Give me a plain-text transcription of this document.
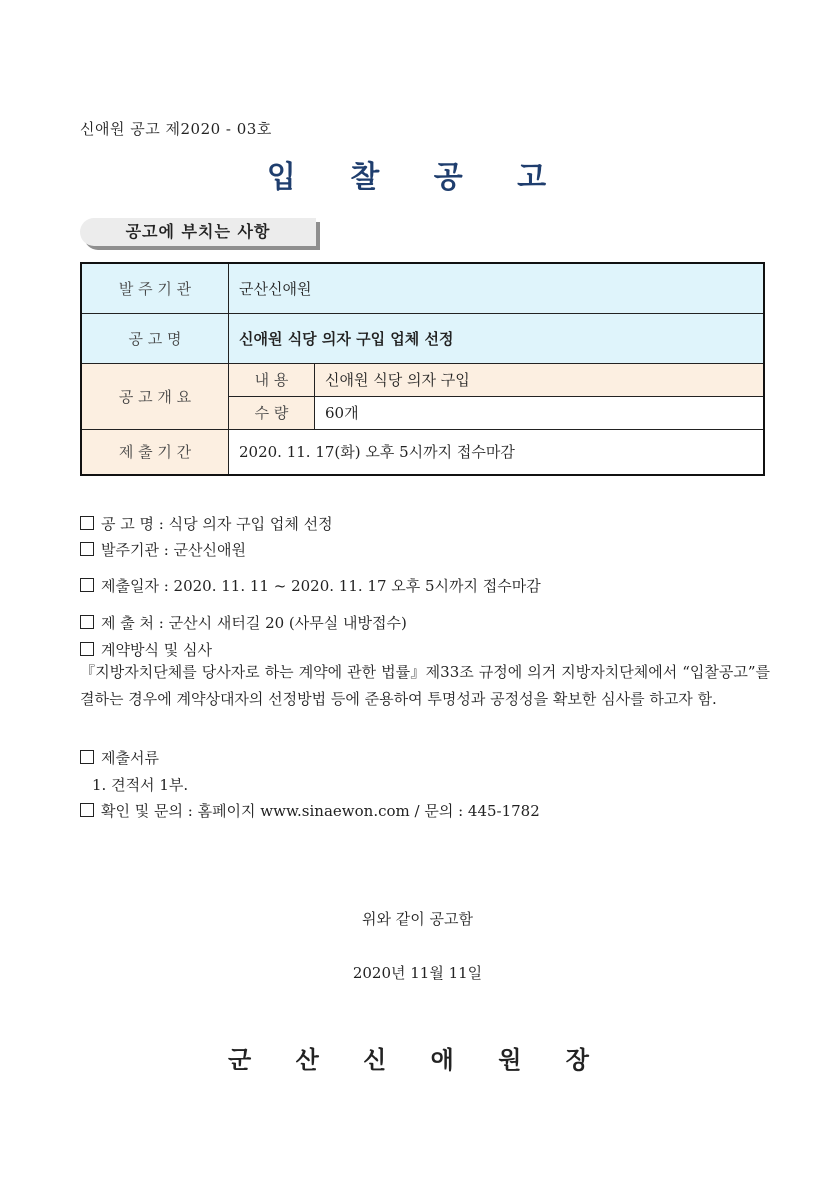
신애원 공고 제2020 - 03호
입 찰 공 고
공고에 부치는 사항
발 주 기 관	군산신애원	
공 고 명	신애원 식당 의자 구입 업체 선정	
공 고 개 요	내 용	신애원 식당 의자 구입
	수 량	60개
제 출 기 간	2020. 11. 17(화) 오후 5시까지 접수마감	
공 고 명 : 식당 의자 구입 업체 선정
발주기관 : 군산신애원
제출일자 : 2020. 11. 11 ~ 2020. 11. 17 오후 5시까지 접수마감
제 출 처 : 군산시 새터길 20 (사무실 내방접수)
계약방식 및 심사
『지방자치단체를 당사자로 하는 계약에 관한 법률』제33조 규정에 의거 지방자치단체에서 “입찰공고”를 결하는 경우에 계약상대자의 선정방법 등에 준용하여 투명성과 공정성을 확보한 심사를 하고자 함.
제출서류
1. 견적서 1부.
확인 및 문의 : 홈페이지 www.sinaewon.com / 문의 : 445-1782
위와 같이 공고함
2020년 11월 11일
군 산 신 애 원 장
